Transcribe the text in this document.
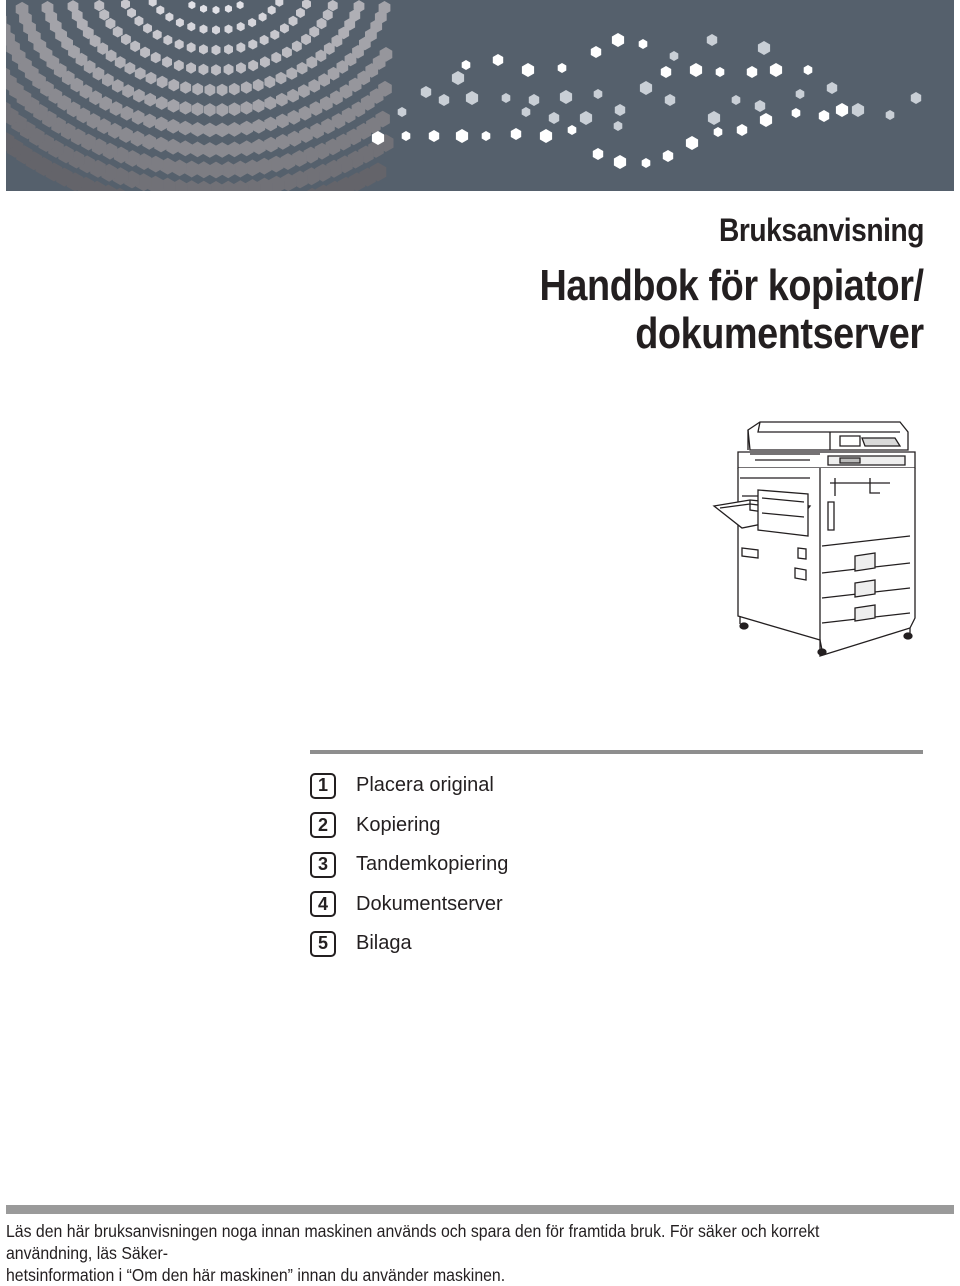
Bruksanvisning
Handbok för kopiator/
dokumentserver
1	Placera original
2	Kopiering
3	Tandemkopiering
4	Dokumentserver
5	Bilaga
Läs den här bruksanvisningen noga innan maskinen används och spara den för framtida bruk. För säker och korrekt användning, läs Säker-
hetsinformation i “Om den här maskinen” innan du använder maskinen.
